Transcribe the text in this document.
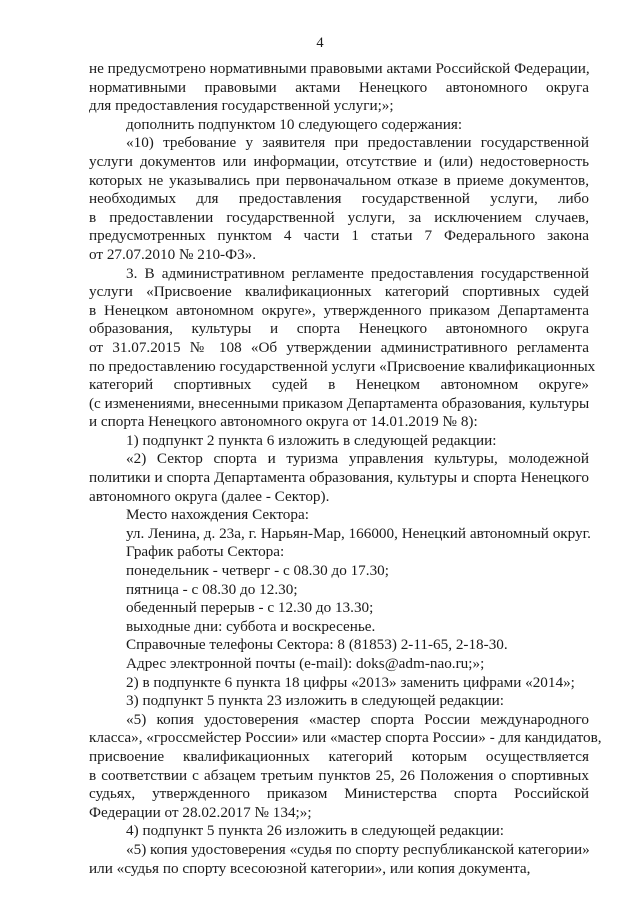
4
не предусмотрено нормативными правовыми актами Российской Федерации,
нормативными правовыми актами Ненецкого автономного округа
для предоставления государственной услуги;»;
дополнить подпунктом 10 следующего содержания:
«10) требование у заявителя при предоставлении государственной
услуги документов или информации, отсутствие и (или) недостоверность
которых не указывались при первоначальном отказе в приеме документов,
необходимых для предоставления государственной услуги, либо
в предоставлении государственной услуги, за исключением случаев,
предусмотренных пунктом 4 части 1 статьи 7 Федерального закона
от 27.07.2010 № 210-ФЗ».
3. В административном регламенте предоставления государственной
услуги «Присвоение квалификационных категорий спортивных судей
в Ненецком автономном округе», утвержденного приказом Департамента
образования, культуры и спорта Ненецкого автономного округа
от 31.07.2015 № 108 «Об утверждении административного регламента
по предоставлению государственной услуги «Присвоение квалификационных
категорий спортивных судей в Ненецком автономном округе»
(с изменениями, внесенными приказом Департамента образования, культуры
и спорта Ненецкого автономного округа от 14.01.2019 № 8):
1) подпункт 2 пункта 6 изложить в следующей редакции:
«2) Сектор спорта и туризма управления культуры, молодежной
политики и спорта Департамента образования, культуры и спорта Ненецкого
автономного округа (далее - Сектор).
Место нахождения Сектора:
ул. Ленина, д. 23а, г. Нарьян-Мар, 166000, Ненецкий автономный округ.
График работы Сектора:
понедельник - четверг - с 08.30 до 17.30;
пятница - с 08.30 до 12.30;
обеденный перерыв - с 12.30 до 13.30;
выходные дни: суббота и воскресенье.
Справочные телефоны Сектора: 8 (81853) 2-11-65, 2-18-30.
Адрес электронной почты (e-mail): doks@adm-nao.ru;»;
2) в подпункте 6 пункта 18 цифры «2013» заменить цифрами «2014»;
3) подпункт 5 пункта 23 изложить в следующей редакции:
«5) копия удостоверения «мастер спорта России международного
класса», «гроссмейстер России» или «мастер спорта России» - для кандидатов,
присвоение квалификационных категорий которым осуществляется
в соответствии с абзацем третьим пунктов 25, 26 Положения о спортивных
судьях, утвержденного приказом Министерства спорта Российской
Федерации от 28.02.2017 № 134;»;
4) подпункт 5 пункта 26 изложить в следующей редакции:
«5) копия удостоверения «судья по спорту республиканской категории»
или «судья по спорту всесоюзной категории», или копия документа,
